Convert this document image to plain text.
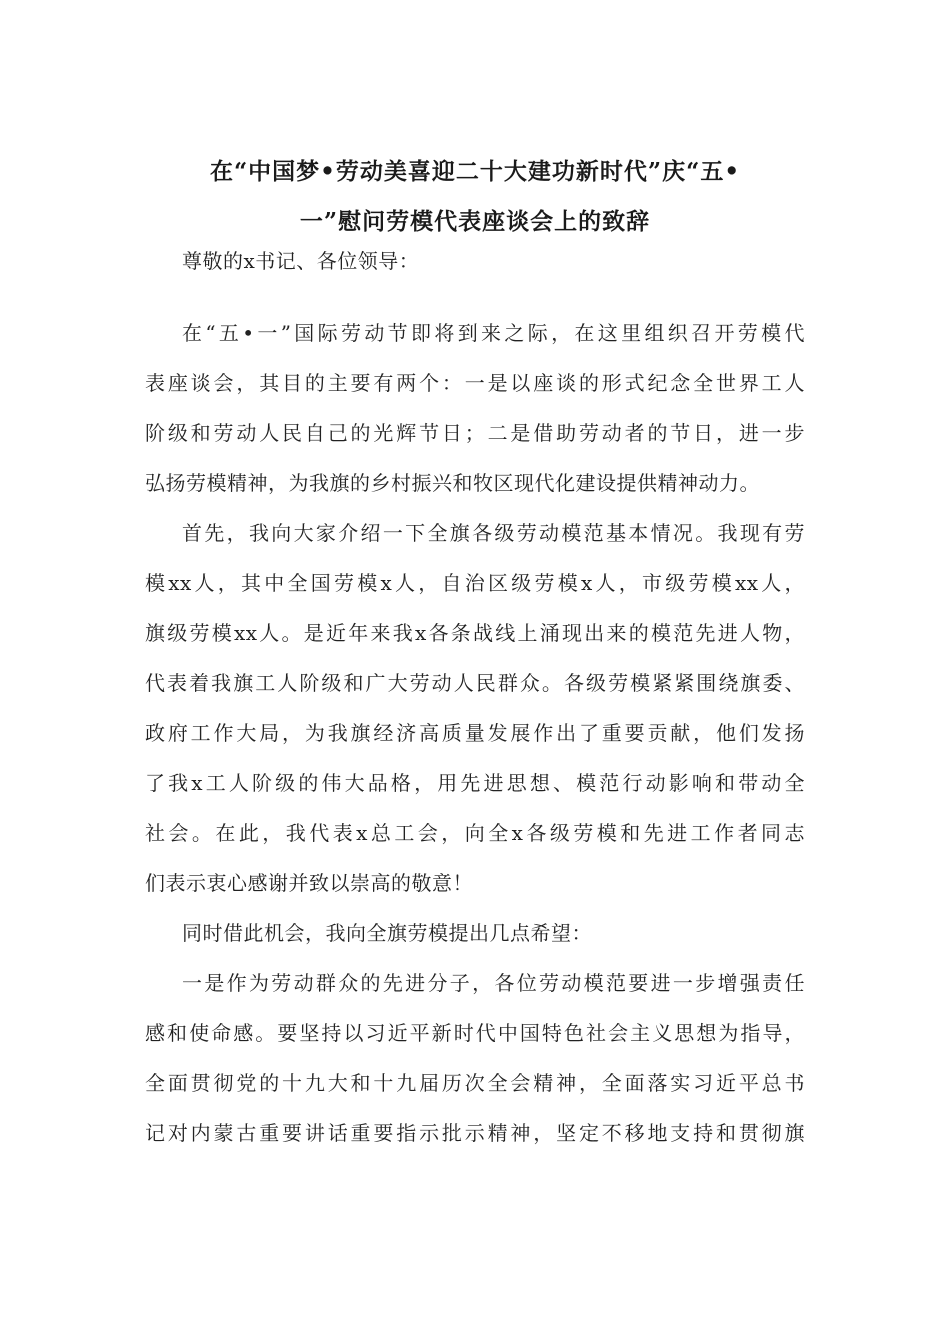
在“中国梦•劳动美喜迎二十大建功新时代”庆“五•
一”慰问劳模代表座谈会上的致辞
尊敬的x书记、各位领导：
在“五•一”国际劳动节即将到来之际，在这里组织召开劳模代
表座谈会，其目的主要有两个：一是以座谈的形式纪念全世界工人
阶级和劳动人民自己的光辉节日；二是借助劳动者的节日，进一步
弘扬劳模精神，为我旗的乡村振兴和牧区现代化建设提供精神动力。
首先，我向大家介绍一下全旗各级劳动模范基本情况。我现有劳
模xx人，其中全国劳模x人，自治区级劳模x人，市级劳模xx人，
旗级劳模xx人。是近年来我x各条战线上涌现出来的模范先进人物，
代表着我旗工人阶级和广大劳动人民群众。各级劳模紧紧围绕旗委、
政府工作大局，为我旗经济高质量发展作出了重要贡献，他们发扬
了我x工人阶级的伟大品格，用先进思想、模范行动影响和带动全
社会。在此，我代表x总工会，向全x各级劳模和先进工作者同志
们表示衷心感谢并致以崇高的敬意！
同时借此机会，我向全旗劳模提出几点希望：
一是作为劳动群众的先进分子，各位劳动模范要进一步增强责任
感和使命感。要坚持以习近平新时代中国特色社会主义思想为指导，
全面贯彻党的十九大和十九届历次全会精神，全面落实习近平总书
记对内蒙古重要讲话重要指示批示精神，坚定不移地支持和贯彻旗
